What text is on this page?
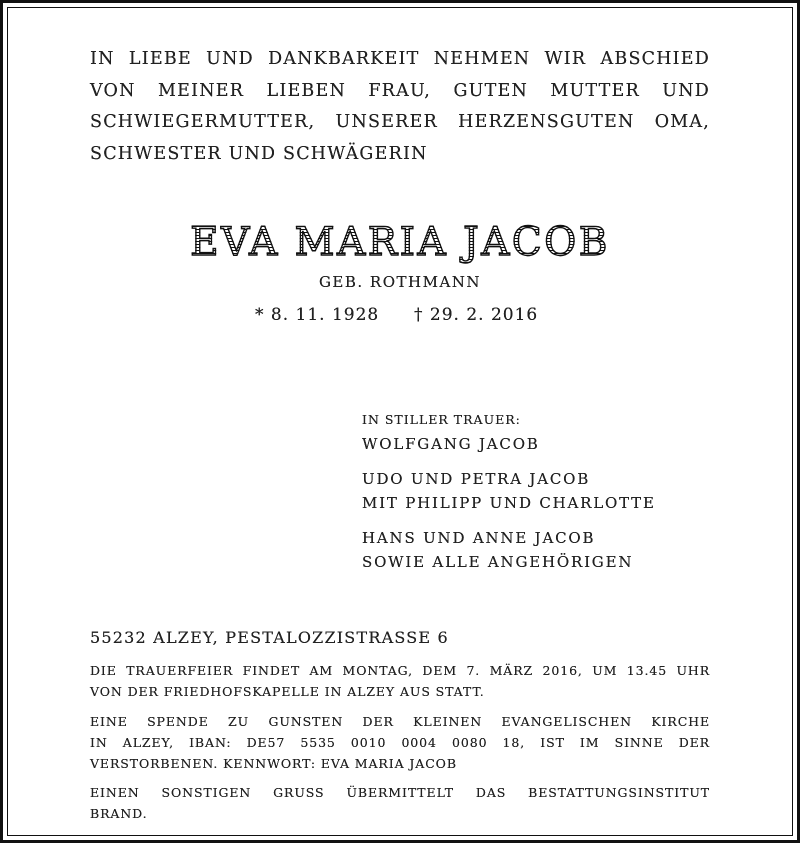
IN LIEBE UND DANKBARKEIT NEHMEN WIR ABSCHIED
VON MEINER LIEBEN FRAU, GUTEN MUTTER UND
SCHWIEGERMUTTER, UNSERER HERZENSGUTEN OMA,
SCHWESTER UND SCHWÄGERIN
EVA MARIA JACOB
GEB. ROTHMANN
* 8. 11. 1928 † 29. 2. 2016
IN STILLER TRAUER:
WOLFGANG JACOB
UDO UND PETRA JACOB
MIT PHILIPP UND CHARLOTTE
HANS UND ANNE JACOB
SOWIE ALLE ANGEHÖRIGEN
55232 ALZEY, PESTALOZZISTRASSE 6
DIE TRAUERFEIER FINDET AM MONTAG, DEM 7. MÄRZ 2016, UM 13.45 UHR
VON DER FRIEDHOFSKAPELLE IN ALZEY AUS STATT.
EINE SPENDE ZU GUNSTEN DER KLEINEN EVANGELISCHEN KIRCHE
IN ALZEY, IBAN: DE57 5535 0010 0004 0080 18, IST IM SINNE DER
VERSTORBENEN. KENNWORT: EVA MARIA JACOB
EINEN SONSTIGEN GRUSS ÜBERMITTELT DAS BESTATTUNGSINSTITUT
BRAND.
